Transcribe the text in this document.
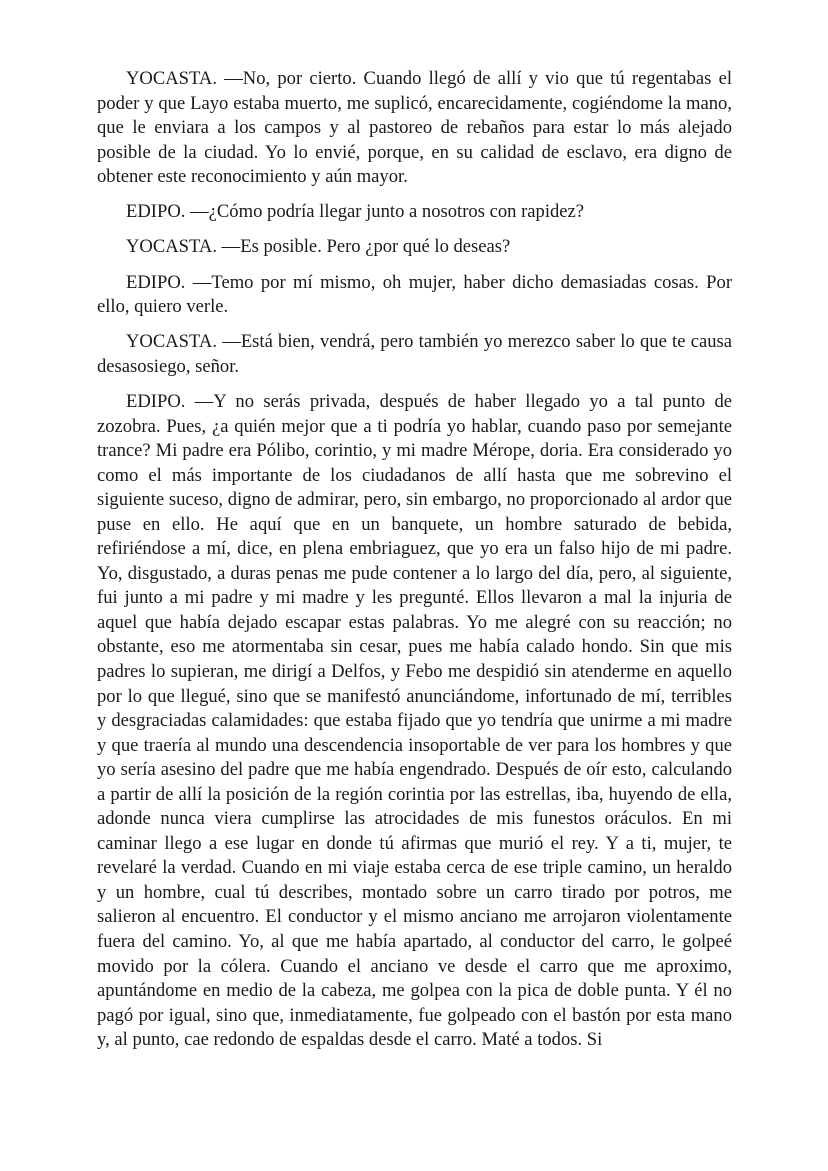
YOCASTA. —No, por cierto. Cuando llegó de allí y vio que tú regentabas el poder y que Layo estaba muerto, me suplicó, encarecidamente, cogiéndome la mano, que le enviara a los campos y al pastoreo de rebaños para estar lo más alejado posible de la ciudad. Yo lo envié, porque, en su calidad de esclavo, era digno de obtener este reconocimiento y aún mayor.

EDIPO. —¿Cómo podría llegar junto a nosotros con rapidez?

YOCASTA. —Es posible. Pero ¿por qué lo deseas?

EDIPO. —Temo por mí mismo, oh mujer, haber dicho demasiadas cosas. Por ello, quiero verle.

YOCASTA. —Está bien, vendrá, pero también yo merezco saber lo que te causa desasosiego, señor.

EDIPO. —Y no serás privada, después de haber llegado yo a tal punto de zozobra. Pues, ¿a quién mejor que a ti podría yo hablar, cuando paso por semejante trance? Mi padre era Pólibo, corintio, y mi madre Mérope, doria. Era considerado yo como el más importante de los ciudadanos de allí hasta que me sobrevino el siguiente suceso, digno de admirar, pero, sin embargo, no proporcionado al ardor que puse en ello. He aquí que en un banquete, un hombre saturado de bebida, refiriéndose a mí, dice, en plena embriaguez, que yo era un falso hijo de mi padre. Yo, disgustado, a duras penas me pude contener a lo largo del día, pero, al siguiente, fui junto a mi padre y mi madre y les pregunté. Ellos llevaron a mal la injuria de aquel que había dejado escapar estas palabras. Yo me alegré con su reacción; no obstante, eso me atormentaba sin cesar, pues me había calado hondo. Sin que mis padres lo supieran, me dirigí a Delfos, y Febo me despidió sin atenderme en aquello por lo que llegué, sino que se manifestó anunciándome, infortunado de mí, terribles y desgraciadas calamidades: que estaba fijado que yo tendría que unirme a mi madre y que traería al mundo una descendencia insoportable de ver para los hombres y que yo sería asesino del padre que me había engendrado. Después de oír esto, calculando a partir de allí la posición de la región corintia por las estrellas, iba, huyendo de ella, adonde nunca viera cumplirse las atrocidades de mis funestos oráculos. En mi caminar llego a ese lugar en donde tú afirmas que murió el rey. Y a ti, mujer, te revelaré la verdad. Cuando en mi viaje estaba cerca de ese triple camino, un heraldo y un hombre, cual tú describes, montado sobre un carro tirado por potros, me salieron al encuentro. El conductor y el mismo anciano me arrojaron violentamente fuera del camino. Yo, al que me había apartado, al conductor del carro, le golpeé movido por la cólera. Cuando el anciano ve desde el carro que me aproximo, apuntándome en medio de la cabeza, me golpea con la pica de doble punta. Y él no pagó por igual, sino que, inmediatamente, fue golpeado con el bastón por esta mano y, al punto, cae redondo de espaldas desde el carro. Maté a todos. Si
